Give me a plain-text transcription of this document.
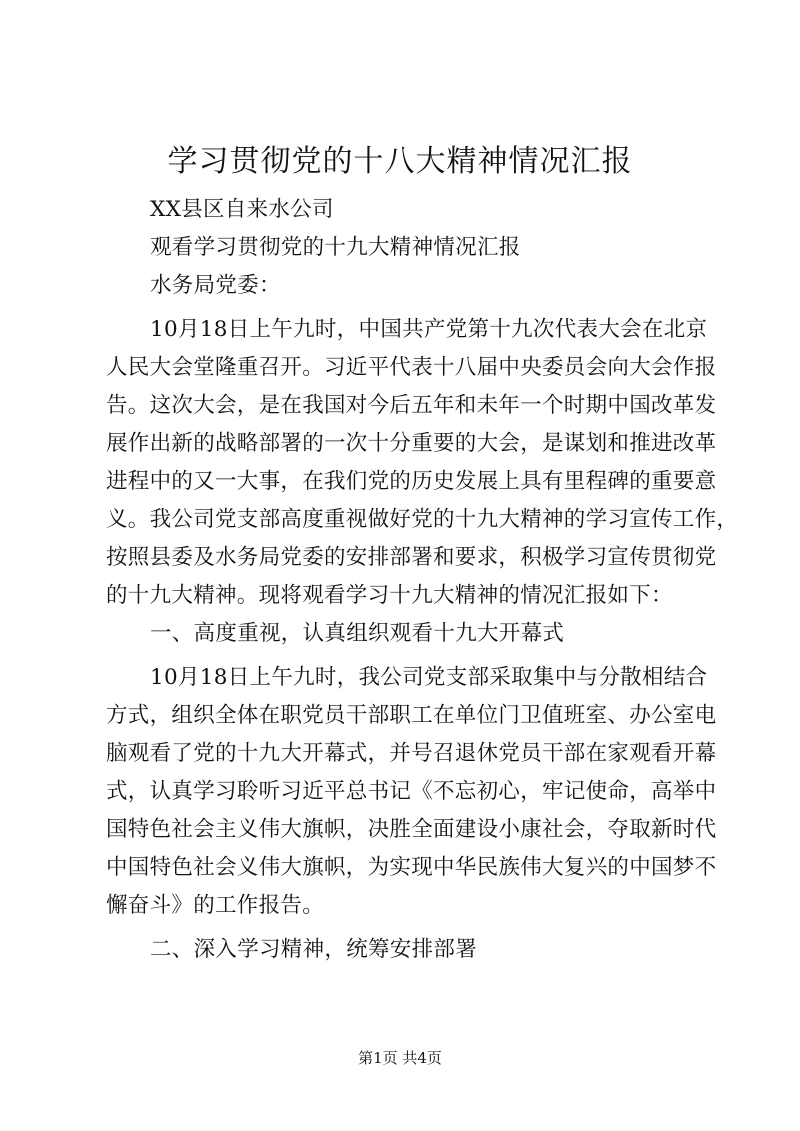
学习贯彻党的十八大精神情况汇报
XX县区自来水公司
观看学习贯彻党的十九大精神情况汇报
水务局党委：
10月18日上午九时，中国共产党第十九次代表大会在北京
人民大会堂隆重召开。习近平代表十八届中央委员会向大会作报
告。这次大会，是在我国对今后五年和未年一个时期中国改革发
展作出新的战略部署的一次十分重要的大会，是谋划和推进改革
进程中的又一大事，在我们党的历史发展上具有里程碑的重要意
义。我公司党支部高度重视做好党的十九大精神的学习宣传工作，
按照县委及水务局党委的安排部署和要求，积极学习宣传贯彻党
的十九大精神。现将观看学习十九大精神的情况汇报如下：
一、高度重视，认真组织观看十九大开幕式
10月18日上午九时，我公司党支部采取集中与分散相结合
方式，组织全体在职党员干部职工在单位门卫值班室、办公室电
脑观看了党的十九大开幕式，并号召退休党员干部在家观看开幕
式，认真学习聆听习近平总书记《不忘初心，牢记使命，高举中
国特色社会主义伟大旗帜，决胜全面建设小康社会，夺取新时代
中国特色社会义伟大旗帜，为实现中华民族伟大复兴的中国梦不
懈奋斗》的工作报告。
二、深入学习精神，统筹安排部署
第1页 共4页
